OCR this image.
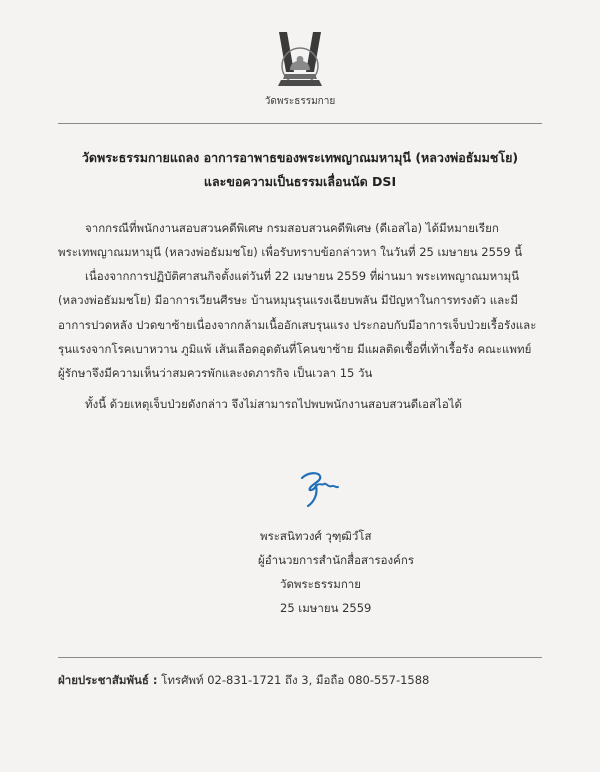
วัดพระธรรมกาย
วัดพระธรรมกายแถลง อาการอาพาธของพระเทพญาณมหามุนี (หลวงพ่อธัมมชโย)
และขอความเป็นธรรมเลื่อนนัด DSI
จากกรณีที่พนักงานสอบสวนคดีพิเศษ กรมสอบสวนคดีพิเศษ (ดีเอสไอ) ได้มีหมายเรียก
พระเทพญาณมหามุนี (หลวงพ่อธัมมชโย) เพื่อรับทราบข้อกล่าวหา ในวันที่ 25 เมษายน 2559 นี้
เนื่องจากการปฏิบัติศาสนกิจตั้งแต่วันที่ 22 เมษายน 2559 ที่ผ่านมา พระเทพญาณมหามุนี
(หลวงพ่อธัมมชโย) มีอาการเวียนศีรษะ บ้านหมุนรุนแรงเฉียบพลัน มีปัญหาในการทรงตัว และมี
อาการปวดหลัง ปวดขาซ้ายเนื่องจากกล้ามเนื้ออักเสบรุนแรง ประกอบกับมีอาการเจ็บป่วยเรื้อรังและ
รุนแรงจากโรคเบาหวาน ภูมิแพ้ เส้นเลือดอุดตันที่โคนขาซ้าย มีแผลติดเชื้อที่เท้าเรื้อรัง คณะแพทย์
ผู้รักษาจึงมีความเห็นว่าสมควรพักและงดภารกิจ เป็นเวลา 15 วัน
ทั้งนี้ ด้วยเหตุเจ็บป่วยดังกล่าว จึงไม่สามารถไปพบพนักงานสอบสวนดีเอสไอได้
พระสนิทวงศ์ วุฑฺฒิวํโส
ผู้อำนวยการสำนักสื่อสารองค์กร
วัดพระธรรมกาย
25 เมษายน 2559
ฝ่ายประชาสัมพันธ์ : โทรศัพท์ 02-831-1721 ถึง 3, มือถือ 080-557-1588
